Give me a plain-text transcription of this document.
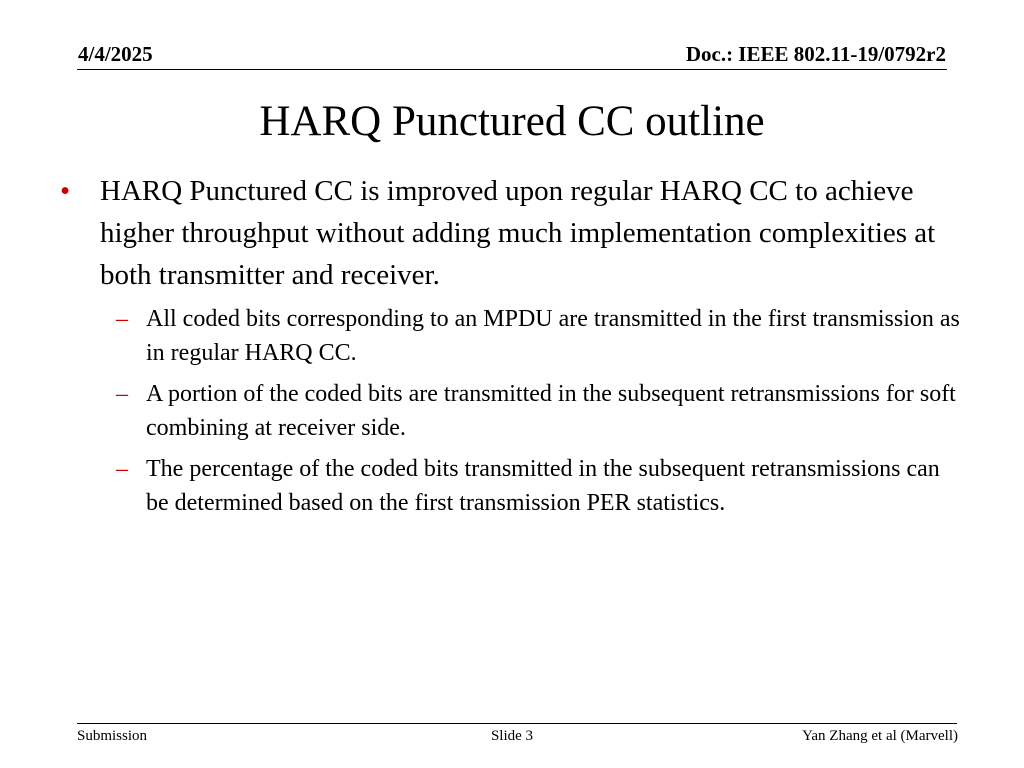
4/4/2025	Doc.: IEEE 802.11-19/0792r2
HARQ Punctured CC outline
• HARQ Punctured CC is improved upon regular HARQ CC to achieve higher throughput without adding much implementation complexities at both transmitter and receiver.
– All coded bits corresponding to an MPDU are transmitted in the first transmission as in regular HARQ CC.
– A portion of the coded bits are transmitted in the subsequent retransmissions for soft combining at receiver side.
– The percentage of the coded bits transmitted in the subsequent retransmissions can be determined based on the first transmission PER statistics.
Submission	Slide 3	Yan Zhang et al (Marvell)
